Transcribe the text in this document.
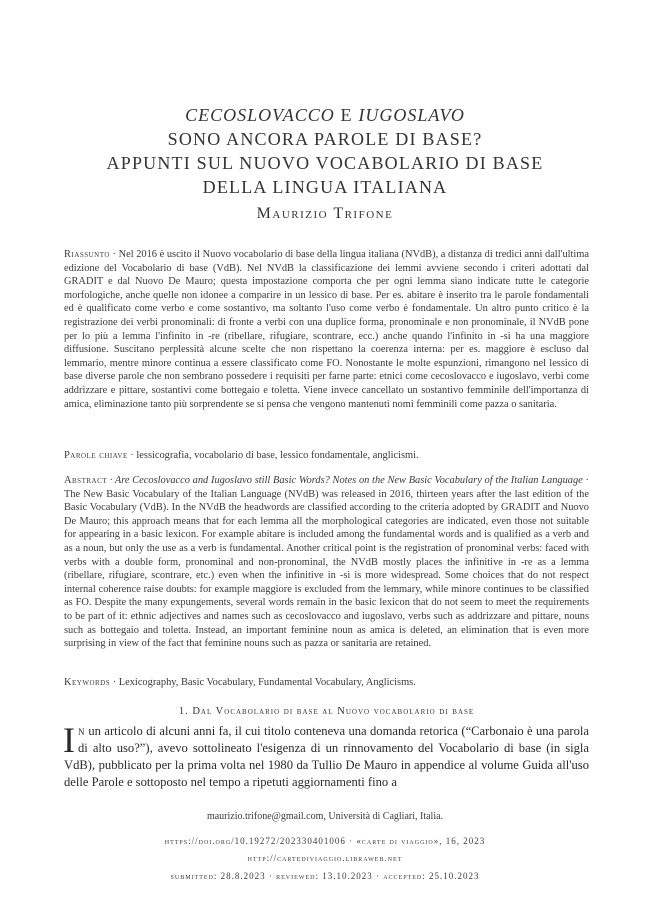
CECOSLOVACCO E IUGOSLAVO
SONO ANCORA PAROLE DI BASE?
APPUNTI SUL NUOVO VOCABOLARIO DI BASE
DELLA LINGUA ITALIANA
Maurizio Trifone
Riassunto · Nel 2016 è uscito il Nuovo vocabolario di base della lingua italiana (NVdB), a distanza di tredici anni dall'ultima edizione del Vocabolario di base (VdB). Nel NVdB la classificazione dei lemmi avviene secondo i criteri adottati dal GRADIT e dal Nuovo De Mauro; questa impostazione comporta che per ogni lemma siano indicate tutte le categorie morfologiche, anche quelle non idonee a comparire in un lessico di base. Per es. abitare è inserito tra le parole fondamentali ed è qualificato come verbo e come sostantivo, ma soltanto l'uso come verbo è fondamentale. Un altro punto critico è la registrazione dei verbi pronominali: di fronte a verbi con una duplice forma, pronominale e non pronominale, il NVdB pone per lo più a lemma l'infinito in -re (ribellare, rifugiare, scontrare, ecc.) anche quando l'infinito in -si ha una maggiore diffusione. Suscitano perplessità alcune scelte che non rispettano la coerenza interna: per es. maggiore è escluso dal lemmario, mentre minore continua a essere classificato come FO. Nonostante le molte espunzioni, rimangono nel lessico di base diverse parole che non sembrano possedere i requisiti per farne parte: etnici come cecoslovacco e iugoslavo, verbi come addrizzare e pittare, sostantivi come bottegaio e toletta. Viene invece cancellato un sostantivo femminile dell'importanza di amica, eliminazione tanto più sorprendente se si pensa che vengono mantenuti nomi femminili come pazza o sanitaria.
Parole chiave · lessicografia, vocabolario di base, lessico fondamentale, anglicismi.
Abstract · Are Cecoslovacco and Iugoslavo still Basic Words? Notes on the New Basic Vocabulary of the Italian Language · The New Basic Vocabulary of the Italian Language (NVdB) was released in 2016, thirteen years after the last edition of the Basic Vocabulary (VdB). In the NVdB the headwords are classified according to the criteria adopted by GRADIT and Nuovo De Mauro; this approach means that for each lemma all the morphological categories are indicated, even those not suitable for appearing in a basic lexicon. For example abitare is included among the fundamental words and is qualified as a verb and as a noun, but only the use as a verb is fundamental. Another critical point is the registration of pronominal verbs: faced with verbs with a double form, pronominal and non-pronominal, the NVdB mostly places the infinitive in -re as a lemma (ribellare, rifugiare, scontrare, etc.) even when the infinitive in -si is more widespread. Some choices that do not respect internal coherence raise doubts: for example maggiore is excluded from the lemmary, while minore continues to be classified as FO. Despite the many expungements, several words remain in the basic lexicon that do not seem to meet the requirements to be part of it: ethnic adjectives and names such as cecoslovacco and iugoslavo, verbs such as addrizzare and pittare, nouns such as bottegaio and toletta. Instead, an important feminine noun as amica is deleted, an elimination that is even more surprising in view of the fact that feminine nouns such as pazza or sanitaria are retained.
Keywords · Lexicography, Basic Vocabulary, Fundamental Vocabulary, Anglicisms.
1. Dal Vocabolario di base al Nuovo vocabolario di base
In un articolo di alcuni anni fa, il cui titolo conteneva una domanda retorica (“Carbonaio è una parola di alto uso?”), avevo sottolineato l'esigenza di un rinnovamento del Vocabolario di base (in sigla VdB), pubblicato per la prima volta nel 1980 da Tullio De Mauro in appendice al volume Guida all'uso delle Parole e sottoposto nel tempo a ripetuti aggiornamenti fino a
maurizio.trifone@gmail.com, Università di Cagliari, Italia.
https://doi.org/10.19272/202330401006 · «carte di viaggio», 16, 2023
http://cartediviaggio.libraweb.net
submitted: 28.8.2023 · reviewed: 13.10.2023 · accepted: 25.10.2023
